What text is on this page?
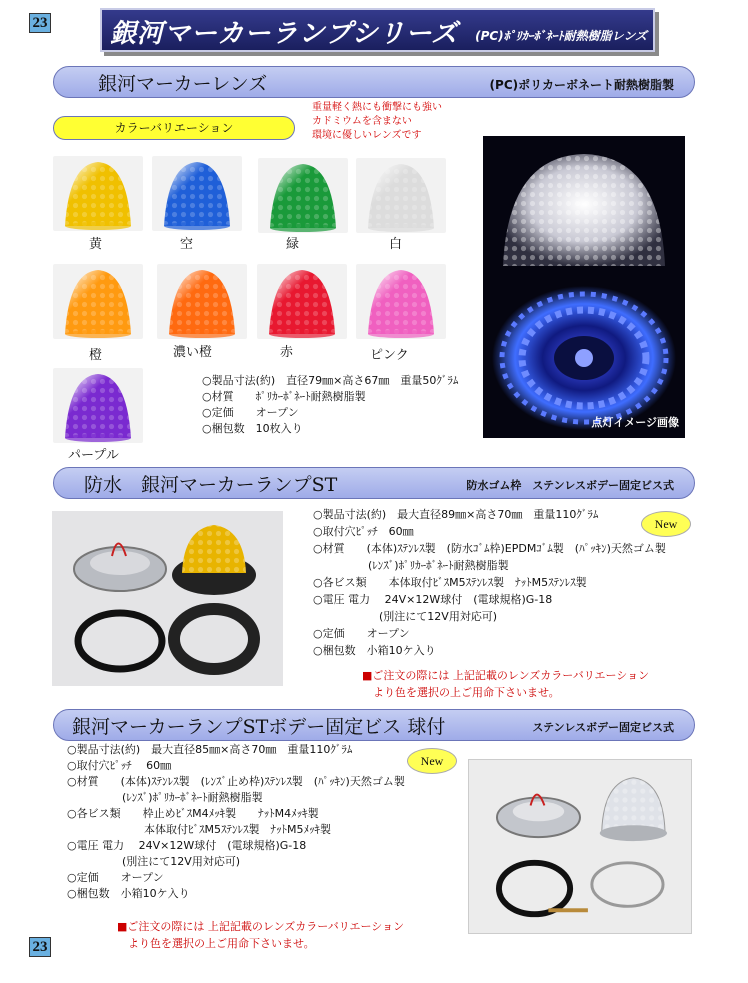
23
23
銀河マーカーランプシリーズ (PC)ﾎﾟﾘｶｰﾎﾞﾈｰﾄ耐熱樹脂レンズ
銀河マーカーレンズ	(PC)ポリカーボネート耐熱樹脂製
カラーバリエーション
重量軽く熱にも衝撃にも強い
カドミウムを含まない
環境に優しいレンズです
黄	空	緑	白
橙	濃い橙	赤	ピンク
パープル
○製品寸法(約)　直径79㎜×高さ67㎜　重量50ｸﾞﾗﾑ
○材質　　ﾎﾟﾘｶｰﾎﾞﾈｰﾄ耐熱樹脂製
○定価　　オープン
○梱包数　10枚入り	点灯イメージ画像
防水　銀河マーカーランプST	防水ゴム枠　ステンレスボデー固定ビス式
New
○製品寸法(約)　最大直径89㎜×高さ70㎜　重量110ｸﾞﾗﾑ
○取付穴ﾋﾟｯﾁ　60㎜
○材質　　(本体)ｽﾃﾝﾚｽ製　(防水ｺﾞﾑ枠)EPDMｺﾞﾑ製　(ﾊﾟｯｷﾝ)天然ゴム製
　　　　　(ﾚﾝｽﾞ)ﾎﾟﾘｶｰﾎﾞﾈｰﾄ耐熱樹脂製
○各ビス類　　本体取付ﾋﾞｽM5ｽﾃﾝﾚｽ製　ﾅｯﾄM5ｽﾃﾝﾚｽ製
○電圧 電力　 24V×12W球付　(電球規格)G-18
　　　　　　(別注にて12V用対応可)
○定価　　オープン
○梱包数　小箱10ケ入り
■ご注文の際には 上記記載のレンズカラーバリエーション
　より色を選択の上ご用命下さいませ。
銀河マーカーランプSTボデー固定ビス 球付	ステンレスボデー固定ビス式
○製品寸法(約)　最大直径85㎜×高さ70㎜　重量110ｸﾞﾗﾑ
○取付穴ﾋﾟｯﾁ　 60㎜
○材質　　(本体)ｽﾃﾝﾚｽ製　(ﾚﾝｽﾞ止め枠)ｽﾃﾝﾚｽ製　(ﾊﾟｯｷﾝ)天然ゴム製
　　　　　(ﾚﾝｽﾞ)ﾎﾟﾘｶｰﾎﾞﾈｰﾄ耐熱樹脂製
○各ビス類　　枠止めﾋﾞｽM4ﾒｯｷ製　　ﾅｯﾄM4ﾒｯｷ製
　　　　　　　本体取付ﾋﾞｽM5ｽﾃﾝﾚｽ製　ﾅｯﾄM5ﾒｯｷ製
○電圧 電力　 24V×12W球付　(電球規格)G-18
　　　　　(別注にて12V用対応可)
○定価　　オープン
○梱包数　小箱10ケ入り
New
■ご注文の際には 上記記載のレンズカラーバリエーション
　より色を選択の上ご用命下さいませ。
